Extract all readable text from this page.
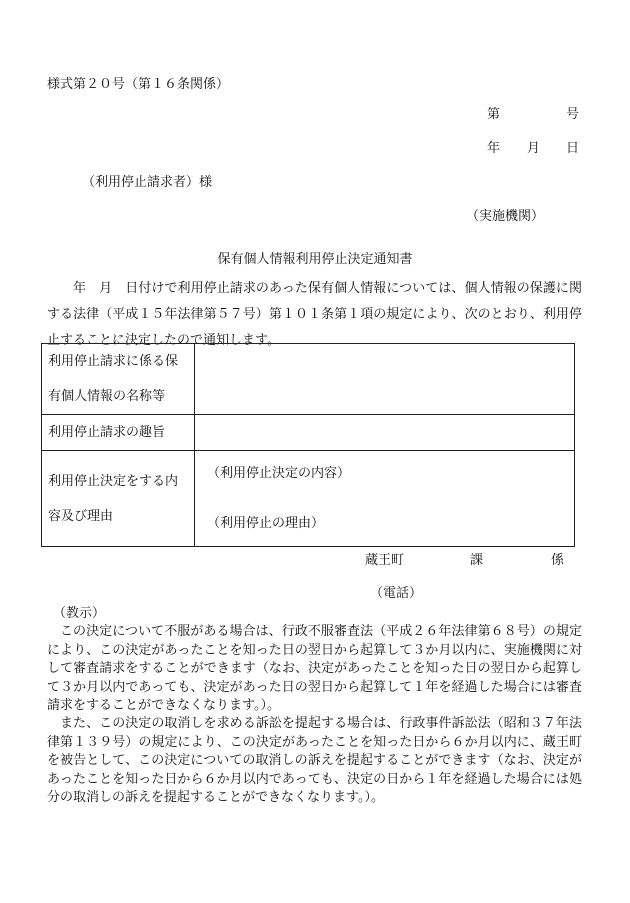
様式第２０号（第１６条関係）
第	号
年 月 日
（利用停止請求者）様
（実施機関）
保有個人情報利用停止決定通知書

年　月　日付けで利用停止請求のあった保有個人情報については、個人情報の保護に関する法律（平成１５年法律第５７号）第１０１条第１項の規定により、次のとおり、利用停止することに決定したので通知します。

利用停止請求に係る保有個人情報の名称等	
利用停止請求の趣旨	
利用停止決定をする内容及び理由	（利用停止決定の内容）
（利用停止の理由）
蔵王町	課	係
（電話）

（教示）

この決定について不服がある場合は、行政不服審査法（平成２６年法律第６８号）の規定により、この決定があったことを知った日の翌日から起算して３か月以内に、実施機関に対して審査請求をすることができます（なお、決定があったことを知った日の翌日から起算して３か月以内であっても、決定があった日の翌日から起算して１年を経過した場合には審査請求をすることができなくなります。）。

また、この決定の取消しを求める訴訟を提起する場合は、行政事件訴訟法（昭和３７年法律第１３９号）の規定により、この決定があったことを知った日から６か月以内に、蔵王町を被告として、この決定についての取消しの訴えを提起することができます（なお、決定があったことを知った日から６か月以内であっても、決定の日から１年を経過した場合には処分の取消しの訴えを提起することができなくなります。）。
